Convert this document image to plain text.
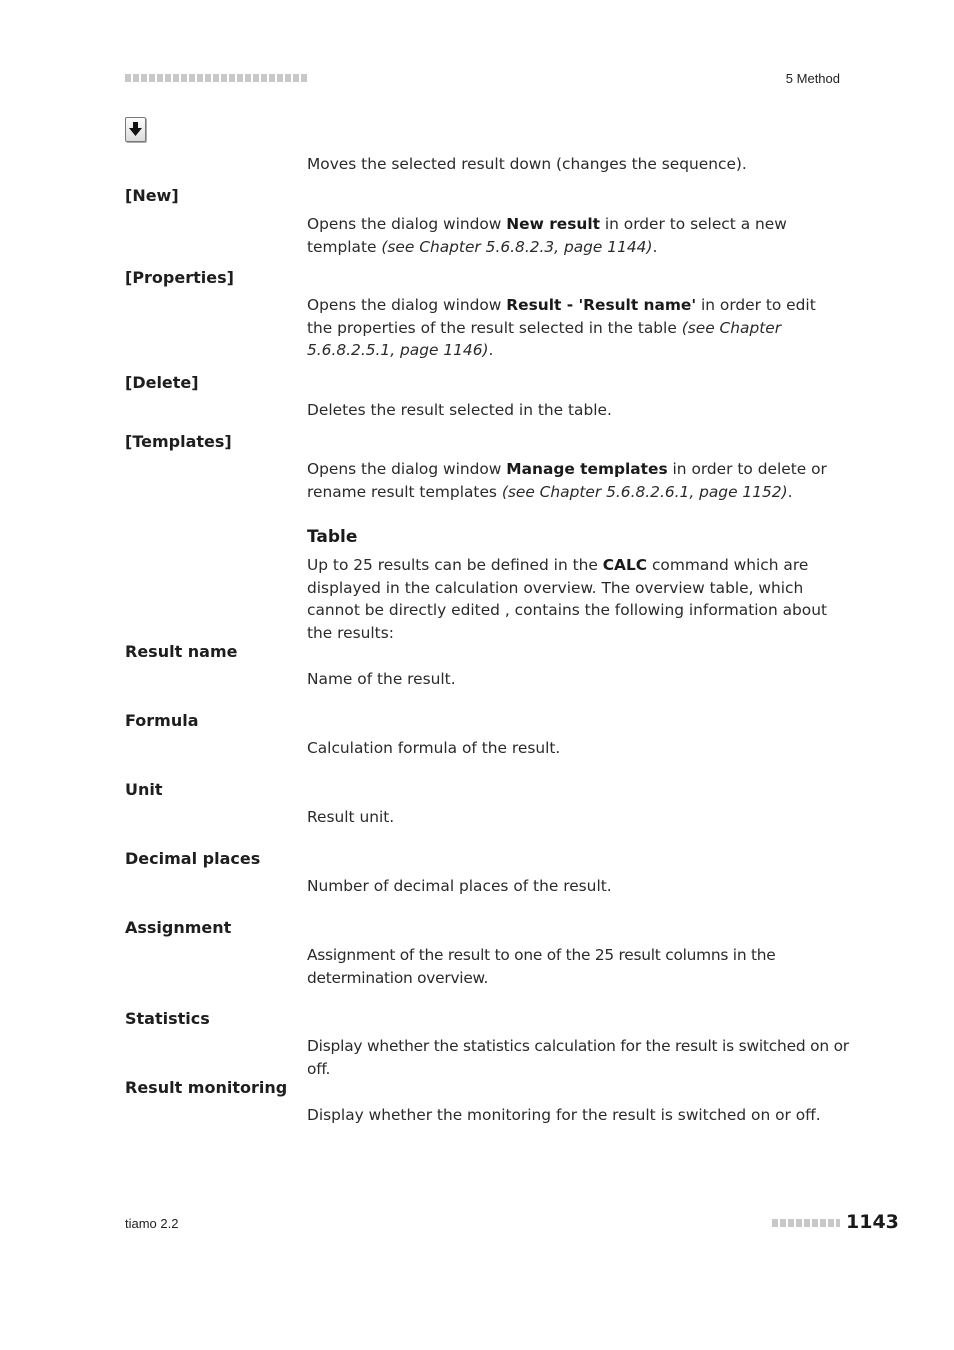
5 Method
Moves the selected result down (changes the sequence).
[New]
Opens the dialog window New result in order to select a new template (see Chapter 5.6.8.2.3, page 1144).
[Properties]
Opens the dialog window Result - 'Result name' in order to edit the properties of the result selected in the table (see Chapter 5.6.8.2.5.1, page 1146).
[Delete]
Deletes the result selected in the table.
[Templates]
Opens the dialog window Manage templates in order to delete or rename result templates (see Chapter 5.6.8.2.6.1, page 1152).
Table
Up to 25 results can be defined in the CALC command which are displayed in the calculation overview. The overview table, which cannot be directly edited , contains the following information about the results:
Result name
Name of the result.
Formula
Calculation formula of the result.
Unit
Result unit.
Decimal places
Number of decimal places of the result.
Assignment
Assignment of the result to one of the 25 result columns in the determination overview.
Statistics
Display whether the statistics calculation for the result is switched on or off.
Result monitoring
Display whether the monitoring for the result is switched on or off.
tiamo 2.2	1143
